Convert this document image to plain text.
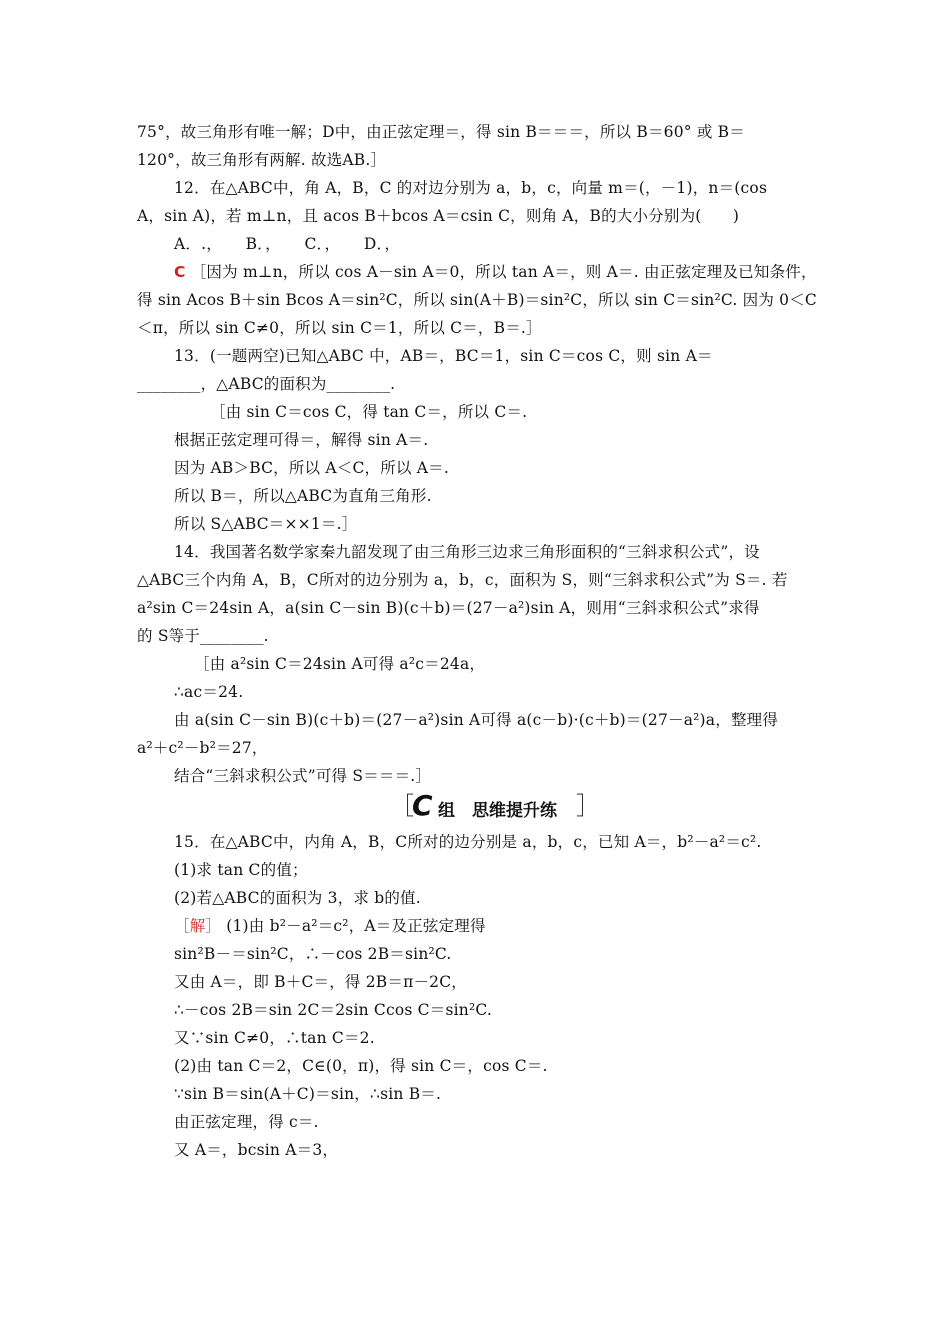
75°，故三角形有唯一解；D中，由正弦定理＝，得 sin B＝＝＝，所以 B＝60° 或 B＝
120°，故三角形有两解. 故选AB.］
12．在△ABC中，角 A，B，C 的对边分别为 a，b，c，向量 m＝(，－1)，n＝(cos
A，sin A)，若 m⊥n，且 acos B＋bcos A＝csin C，则角 A，B的大小分别为(　　)
A．.，　　B．，　　C．，　　D．，
C ［因为 m⊥n，所以 cos A－sin A＝0，所以 tan A＝，则 A＝. 由正弦定理及已知条件，
得 sin Acos B＋sin Bcos A＝sin²C，所以 sin(A＋B)＝sin²C，所以 sin C＝sin²C. 因为 0＜C
＜π，所以 sin C≠0，所以 sin C＝1，所以 C＝，B＝.］
13．(一题两空)已知△ABC 中，AB＝，BC＝1，sin C＝cos C，则 sin A＝
________，△ABC的面积为________.
［由 sin C＝cos C，得 tan C＝，所以 C＝.
根据正弦定理可得＝，解得 sin A＝.
因为 AB＞BC，所以 A＜C，所以 A＝.
所以 B＝，所以△ABC为直角三角形.
所以 S△ABC＝××1＝.］
14．我国著名数学家秦九韶发现了由三角形三边求三角形面积的“三斜求积公式”，设
△ABC三个内角 A，B，C所对的边分别为 a，b，c，面积为 S，则“三斜求积公式”为 S＝. 若
a²sin C＝24sin A，a(sin C－sin B)(c＋b)＝(27－a²)sin A，则用“三斜求积公式”求得
的 S等于________.
［由 a²sin C＝24sin A可得 a²c＝24a，
∴ac＝24.
由 a(sin C－sin B)(c＋b)＝(27－a²)sin A可得 a(c－b)·(c＋b)＝(27－a²)a，整理得
a²＋c²－b²＝27，
结合“三斜求积公式”可得 S＝＝＝.］
［
C 组　思维提升练 ］
15．在△ABC中，内角 A，B，C所对的边分别是 a，b，c，已知 A＝，b²－a²＝c².
(1)求 tan C的值；
(2)若△ABC的面积为 3，求 b的值.
［解］ (1)由 b²－a²＝c²，A＝及正弦定理得
sin²B－＝sin²C，∴－cos 2B＝sin²C.
又由 A＝，即 B＋C＝，得 2B＝π－2C，
∴－cos 2B＝sin 2C＝2sin Ccos C＝sin²C.
又∵sin C≠0，∴tan C＝2.
(2)由 tan C＝2，C∈(0，π)，得 sin C＝，cos C＝.
∵sin B＝sin(A＋C)＝sin，∴sin B＝.
由正弦定理，得 c＝.
又 A＝，bcsin A＝3，
